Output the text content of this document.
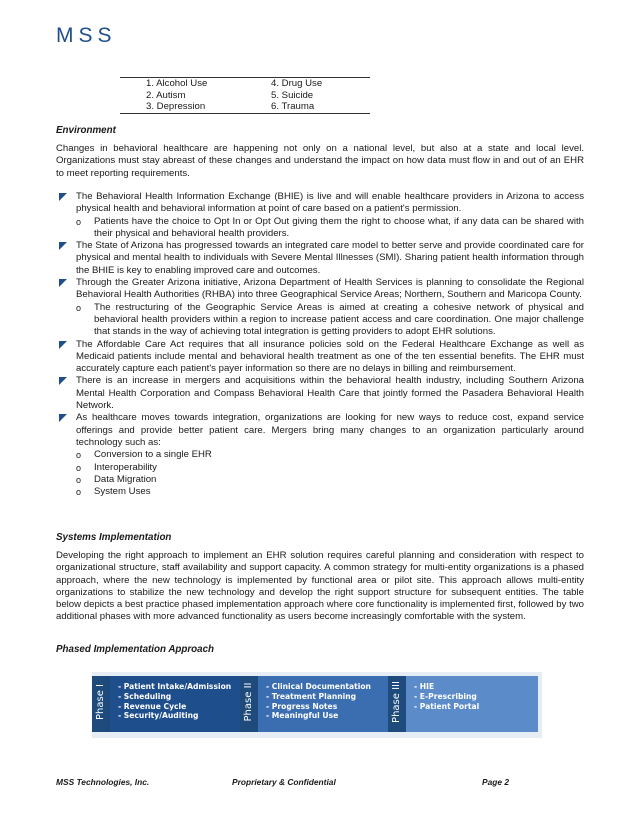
MSS
1. Alcohol Use	4. Drug Use
2. Autism	5. Suicide
3. Depression	6. Trauma
Environment
Changes in behavioral healthcare are happening not only on a national level, but also at a state and local level. Organizations must stay abreast of these changes and understand the impact on how data must flow in and out of an EHR to meet reporting requirements.
The Behavioral Health Information Exchange (BHIE) is live and will enable healthcare providers in Arizona to access physical health and behavioral information at point of care based on a patient's permission.
o Patients have the choice to Opt In or Opt Out giving them the right to choose what, if any data can be shared with their physical and behavioral health providers.
The State of Arizona has progressed towards an integrated care model to better serve and provide coordinated care for physical and mental health to individuals with Severe Mental Illnesses (SMI). Sharing patient health information through the BHIE is key to enabling improved care and outcomes.
Through the Greater Arizona initiative, Arizona Department of Health Services is planning to consolidate the Regional Behavioral Health Authorities (RHBA) into three Geographical Service Areas; Northern, Southern and Maricopa County.
o The restructuring of the Geographic Service Areas is aimed at creating a cohesive network of physical and behavioral health providers within a region to increase patient access and care coordination. One major challenge that stands in the way of achieving total integration is getting providers to adopt EHR solutions.
The Affordable Care Act requires that all insurance policies sold on the Federal Healthcare Exchange as well as Medicaid patients include mental and behavioral health treatment as one of the ten essential benefits. The EHR must accurately capture each patient's payer information so there are no delays in billing and reimbursement.
There is an increase in mergers and acquisitions within the behavioral health industry, including Southern Arizona Mental Health Corporation and Compass Behavioral Health Care that jointly formed the Pasadera Behavioral Health Network.
As healthcare moves towards integration, organizations are looking for new ways to reduce cost, expand service offerings and provide better patient care. Mergers bring many changes to an organization particularly around technology such as:
o Conversion to a single EHR
o Interoperability
o Data Migration
o System Uses
Systems Implementation
Developing the right approach to implement an EHR solution requires careful planning and consideration with respect to organizational structure, staff availability and support capacity. A common strategy for multi-entity organizations is a phased approach, where the new technology is implemented by functional area or pilot site. This approach allows multi-entity organizations to stabilize the new technology and develop the right support structure for subsequent entities. The table below depicts a best practice phased implementation approach where core functionality is implemented first, followed by two additional phases with more advanced functionality as users become increasingly comfortable with the system.
Phased Implementation Approach
Phase I - Patient Intake/Admission
- Scheduling
- Revenue Cycle
- Security/Auditing	Phase II - Clinical Documentation
- Treatment Planning
- Progress Notes
- Meaningful Use	Phase III - HIE
- E-Prescribing
- Patient Portal
MSS Technologies, Inc.	Proprietary & Confidential	Page 2
